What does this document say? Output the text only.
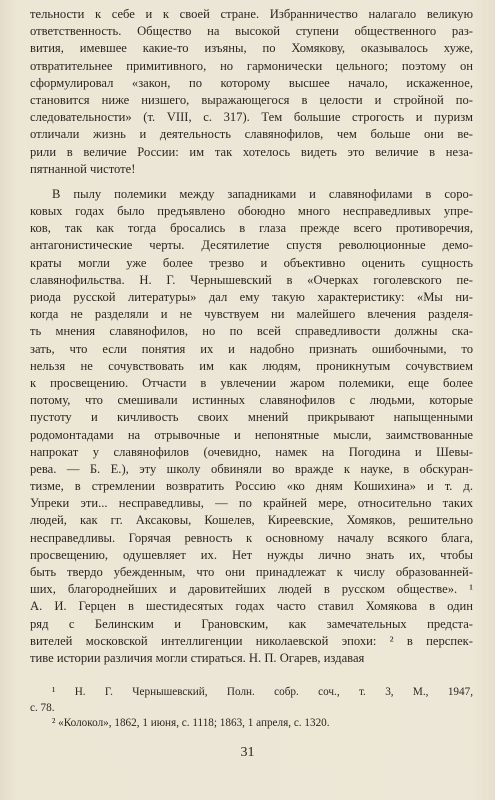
тельности к себе и к своей стране. Избранничество налагало великую
ответственность. Общество на высокой ступени общественного раз-
вития, имевшее какие-то изъяны, по Хомякову, оказывалось хуже,
отвратительнее примитивного, но гармонически цельного; поэтому он
сформулировал «закон, по которому высшее начало, искаженное,
становится ниже низшего, выражающегося в целости и стройной по-
следовательности» (т. VIII, с. 317). Тем большие строгость и пуризм
отличали жизнь и деятельность славянофилов, чем больше они ве-
рили в величие России: им так хотелось видеть это величие в неза-
пятнанной чистоте!
В пылу полемики между западниками и славянофилами в соро-
ковых годах было предъявлено обоюдно много несправедливых упре-
ков, так как тогда бросались в глаза прежде всего противоречия,
антагонистические черты. Десятилетие спустя революционные демо-
краты могли уже более трезво и объективно оценить сущность
славянофильства. Н. Г. Чернышевский в «Очерках гоголевского пе-
риода русской литературы» дал ему такую характеристику: «Мы ни-
когда не разделяли и не чувствуем ни малейшего влечения разделя-
ть мнения славянофилов, но по всей справедливости должны ска-
зать, что если понятия их и надобно признать ошибочными, то
нельзя не сочувствовать им как людям, проникнутым сочувствием
к просвещению. Отчасти в увлечении жаром полемики, еще более
потому, что смешивали истинных славянофилов с людьми, которые
пустоту и кичливость своих мнений прикрывают напыщенными
родомонтадами на отрывочные и непонятные мысли, заимствованные
напрокат у славянофилов (очевидно, намек на Погодина и Шевы-
рева. — Б. Е.), эту школу обвиняли во вражде к науке, в обскуран-
тизме, в стремлении возвратить Россию «ко дням Кошихина» и т. д.
Упреки эти... несправедливы, — по крайней мере, относительно таких
людей, как гг. Аксаковы, Кошелев, Киреевские, Хомяков, решительно
несправедливы. Горячая ревность к основному началу всякого блага,
просвещению, одушевляет их. Нет нужды лично знать их, чтобы
быть твердо убежденным, что они принадлежат к числу образованней-
ших, благороднейших и даровитейших людей в русском обществе». ¹
А. И. Герцен в шестидесятых годах часто ставил Хомякова в один
ряд с Белинским и Грановским, как замечательных предста-
вителей московской интеллигенции николаевской эпохи: ² в перспек-
тиве истории различия могли стираться. Н. П. Огарев, издавая
¹ Н. Г. Чернышевский, Полн. собр. соч., т. 3, М., 1947,
с. 78.
² «Колокол», 1862, 1 июня, с. 1118; 1863, 1 апреля, с. 1320.
31
